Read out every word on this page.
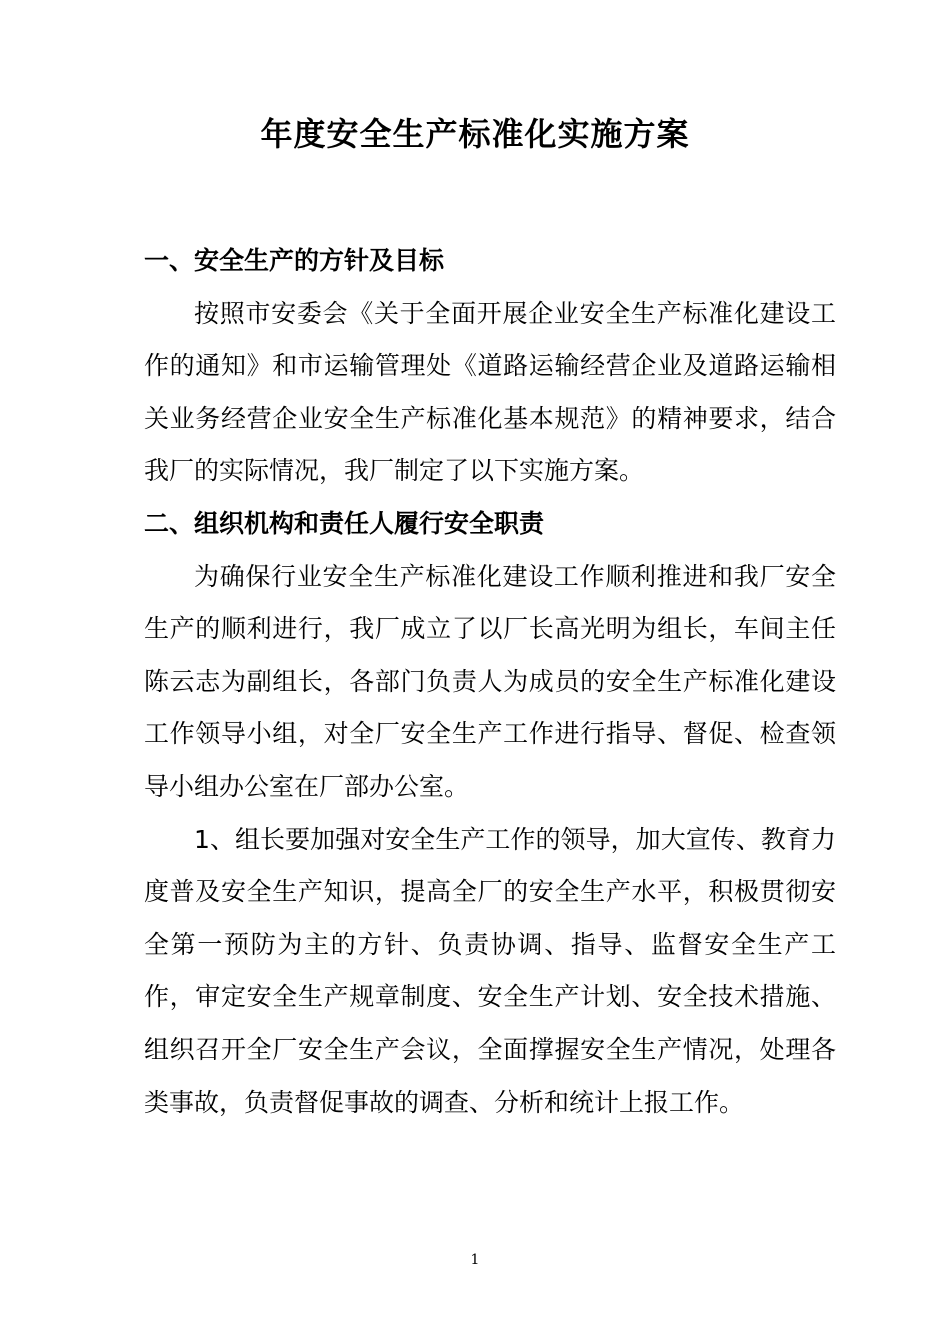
年度安全生产标准化实施方案

一、安全生产的方针及目标

按照市安委会《关于全面开展企业安全生产标准化建设工作的通知》和市运输管理处《道路运输经营企业及道路运输相关业务经营企业安全生产标准化基本规范》的精神要求，结合我厂的实际情况，我厂制定了以下实施方案。

二、组织机构和责任人履行安全职责

为确保行业安全生产标准化建设工作顺利推进和我厂安全生产的顺利进行，我厂成立了以厂长高光明为组长，车间主任陈云志为副组长，各部门负责人为成员的安全生产标准化建设工作领导小组，对全厂安全生产工作进行指导、督促、检查领导小组办公室在厂部办公室。

1、组长要加强对安全生产工作的领导，加大宣传、教育力度普及安全生产知识，提高全厂的安全生产水平，积极贯彻安全第一预防为主的方针、负责协调、指导、监督安全生产工作，审定安全生产规章制度、安全生产计划、安全技术措施、组织召开全厂安全生产会议，全面撑握安全生产情况，处理各类事故，负责督促事故的调查、分析和统计上报工作。

1
